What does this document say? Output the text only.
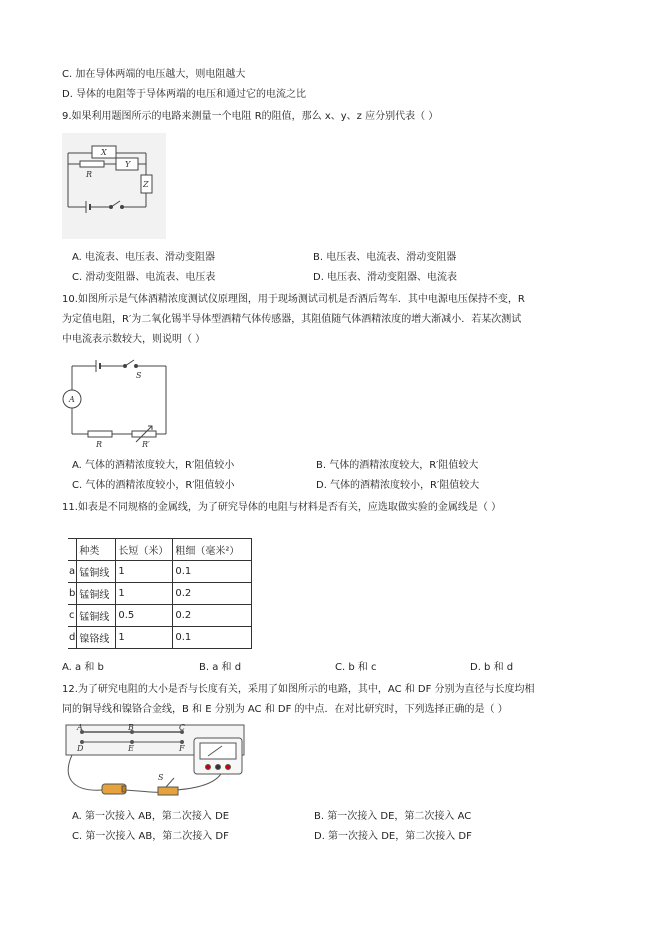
C. 加在导体两端的电压越大，则电阻越大
D. 导体的电阻等于导体两端的电压和通过它的电流之比
9.如果利用题图所示的电路来测量一个电阻 R的阻值，那么 x、y、z 应分别代表（ ）
X
Y
Z
R
A. 电流表、电压表、滑动变阻器	B. 电压表、电流表、滑动变阻器
C. 滑动变阻器、电流表、电压表	D. 电压表、滑动变阻器、电流表
10.如图所示是气体酒精浓度测试仪原理图，用于现场测试司机是否酒后驾车．其中电源电压保持不变，R
为定值电阻，R′为二氧化锡半导体型酒精气体传感器，其阻值随气体酒精浓度的增大渐减小．若某次测试
中电流表示数较大，则说明（ ）
A
S
R	R′
A. 气体的酒精浓度较大，R′阻值较小	B. 气体的酒精浓度较大，R′阻值较大
C. 气体的酒精浓度较小，R′阻值较小	D. 气体的酒精浓度较小，R′阻值较大
11.如表是不同规格的金属线，为了研究导体的电阻与材料是否有关，应选取做实验的金属线是（ ）
	种类	长短（米）	粗细（毫米²）
a	锰铜线	1	0.1
b	锰铜线	1	0.2
c	锰铜线	0.5	0.2
d	镍铬线	1	0.1
A. a 和 b	B. a 和 d	C. b 和 c	D. b 和 d
12.为了研究电阻的大小是否与长度有关，采用了如图所示的电路，其中，AC 和 DF 分别为直径与长度均相
同的铜导线和镍铬合金线，B 和 E 分别为 AC 和 DF 的中点．在对比研究时，下列选择正确的是（ ）
A	B	C
D	E	F
S
A. 第一次接入 AB，第二次接入 DE	B. 第一次接入 DE，第二次接入 AC
C. 第一次接入 AB，第二次接入 DF	D. 第一次接入 DE，第二次接入 DF
